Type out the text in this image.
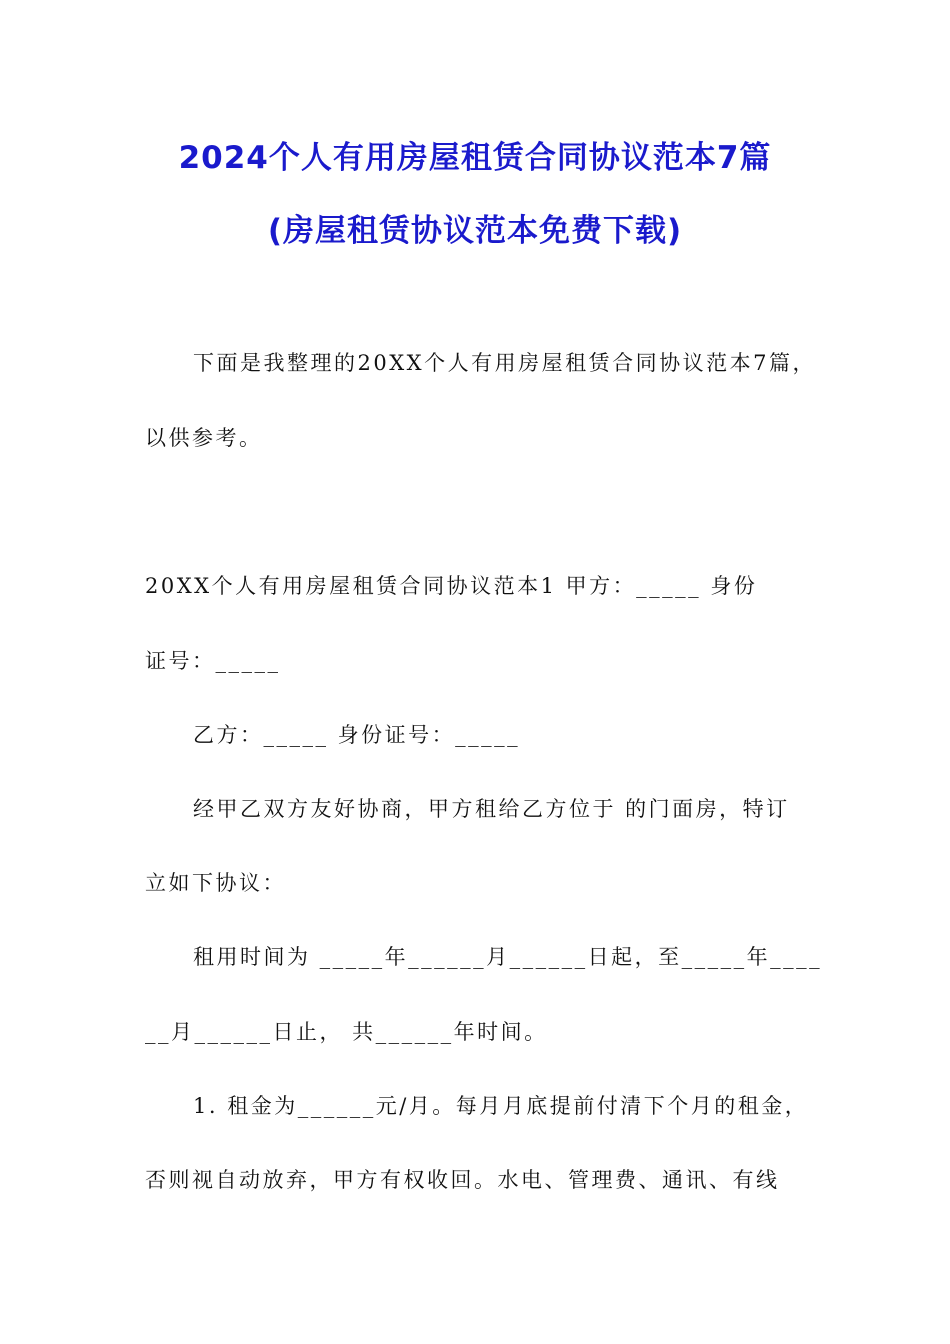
2024个人有用房屋租赁合同协议范本7篇
(房屋租赁协议范本免费下载)
下面是我整理的20XX个人有用房屋租赁合同协议范本7篇，
以供参考。
20XX个人有用房屋租赁合同协议范本1 甲方：_____ 身份
证号：_____
乙方：_____ 身份证号：_____
经甲乙双方友好协商，甲方租给乙方位于 的门面房，特订
立如下协议：
租用时间为 _____年______月______日起，至_____年____
__月______日止， 共______年时间。
1. 租金为______元/月。每月月底提前付清下个月的租金，
否则视自动放弃，甲方有权收回。水电、管理费、通讯、有线
